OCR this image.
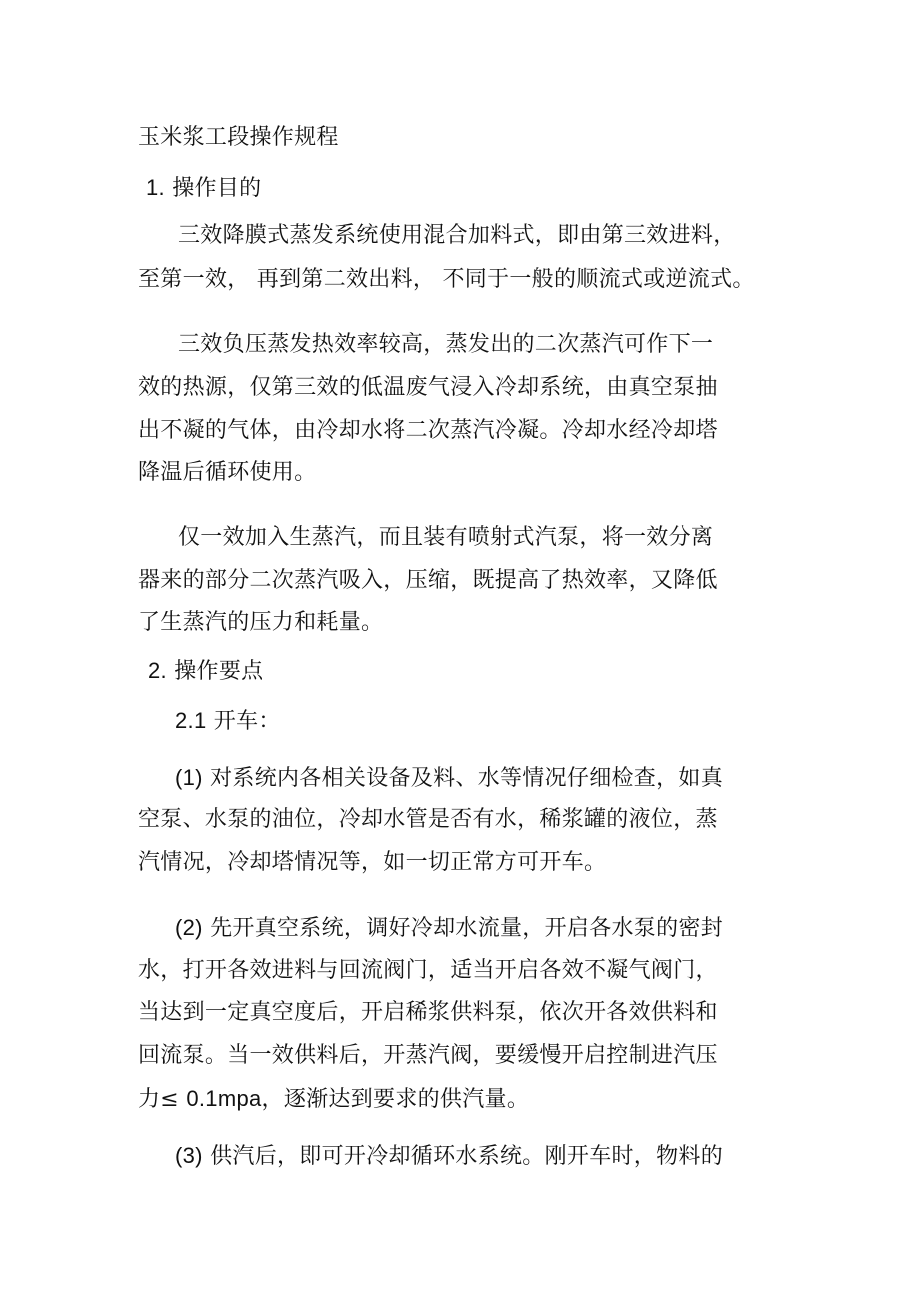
玉米浆工段操作规程
1. 操作目的
三效降膜式蒸发系统使用混合加料式，即由第三效进料，
至第一效， 再到第二效出料， 不同于一般的顺流式或逆流式。
三效负压蒸发热效率较高，蒸发出的二次蒸汽可作下一
效的热源，仅第三效的低温废气浸入冷却系统，由真空泵抽
出不凝的气体，由冷却水将二次蒸汽冷凝。冷却水经冷却塔
降温后循环使用。
仅一效加入生蒸汽，而且装有喷射式汽泵，将一效分离
器来的部分二次蒸汽吸入，压缩，既提高了热效率，又降低
了生蒸汽的压力和耗量。
2. 操作要点
2.1 开车：
(1) 对系统内各相关设备及料、水等情况仔细检查，如真
空泵、水泵的油位，冷却水管是否有水，稀浆罐的液位，蒸
汽情况，冷却塔情况等，如一切正常方可开车。
(2) 先开真空系统，调好冷却水流量，开启各水泵的密封
水，打开各效进料与回流阀门，适当开启各效不凝气阀门，
当达到一定真空度后，开启稀浆供料泵，依次开各效供料和
回流泵。当一效供料后，开蒸汽阀，要缓慢开启控制进汽压
力≤ 0.1mpa，逐渐达到要求的供汽量。
(3) 供汽后，即可开冷却循环水系统。刚开车时，物料的
